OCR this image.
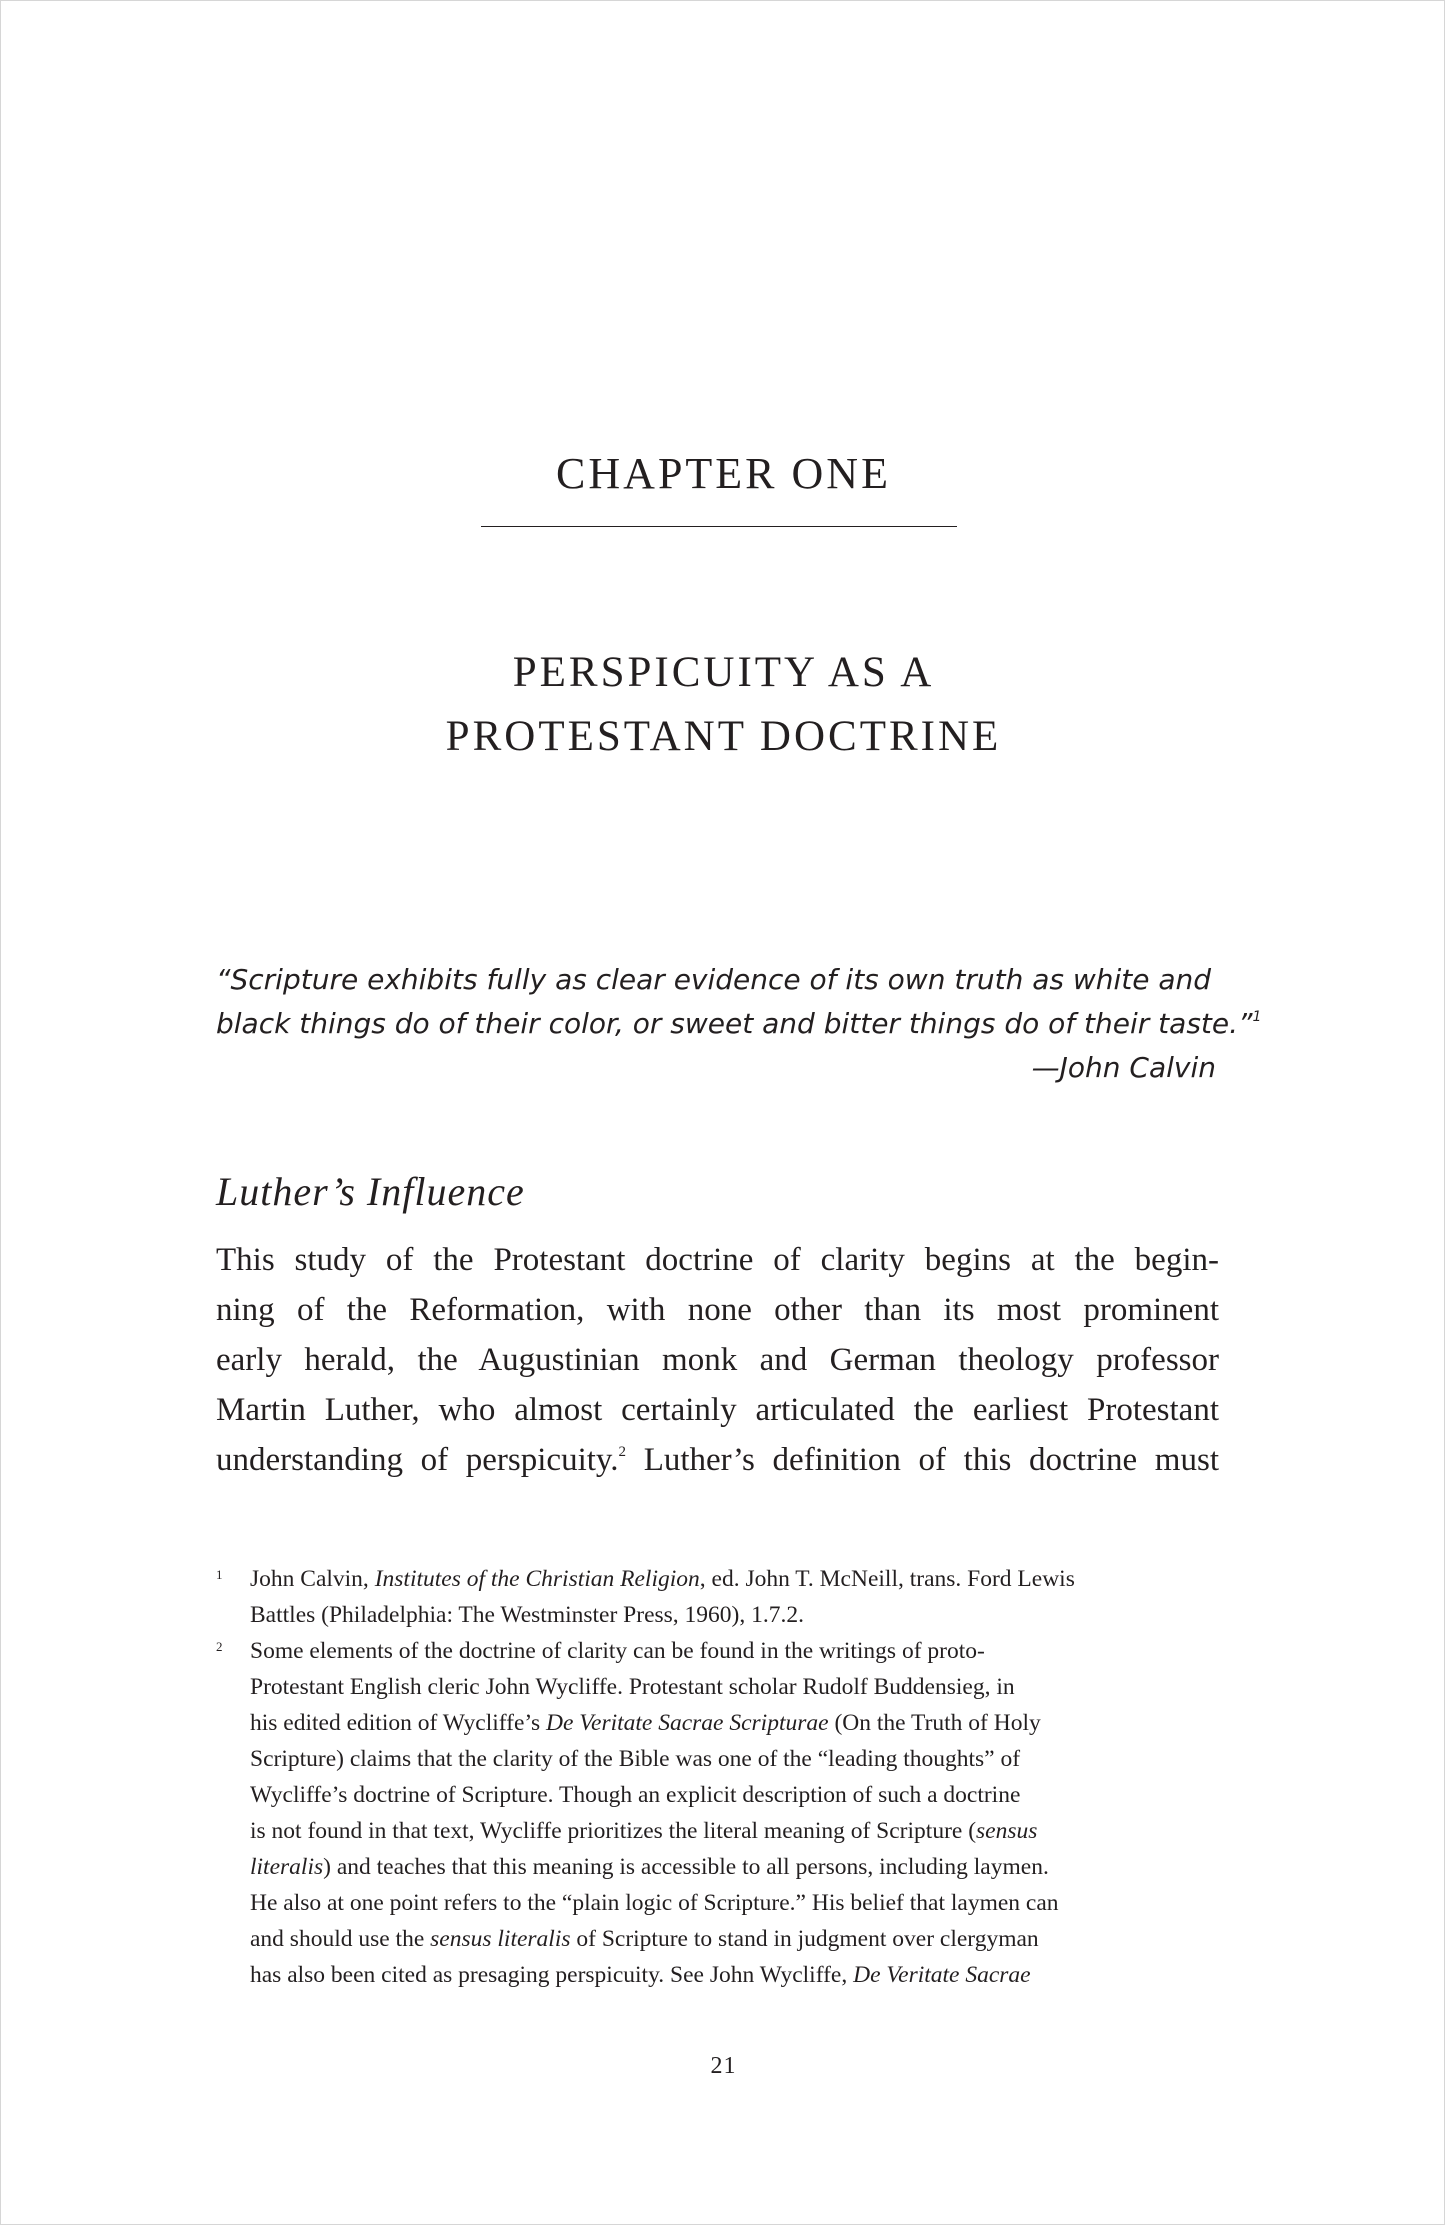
CHAPTER ONE
PERSPICUITY AS A
PROTESTANT DOCTRINE
“Scripture exhibits fully as clear evidence of its own truth as white and
black things do of their color, or sweet and bitter things do of their taste.”$^1$
—John Calvin
Luther’s Influence
This study of the Protestant doctrine of clarity begins at the begin-
ning of the Reformation, with none other than its most prominent
early herald, the Augustinian monk and German theology professor
Martin Luther, who almost certainly articulated the earliest Protestant
understanding of perspicuity.$^2$ Luther’s definition of this doctrine must
1 John Calvin, Institutes of the Christian Religion, ed. John T. McNeill, trans. Ford Lewis
Battles (Philadelphia: The Westminster Press, 1960), 1.7.2.
2 Some elements of the doctrine of clarity can be found in the writings of proto-
Protestant English cleric John Wycliffe. Protestant scholar Rudolf Buddensieg, in
his edited edition of Wycliffe’s De Veritate Sacrae Scripturae (On the Truth of Holy
Scripture) claims that the clarity of the Bible was one of the “leading thoughts” of
Wycliffe’s doctrine of Scripture. Though an explicit description of such a doctrine
is not found in that text, Wycliffe prioritizes the literal meaning of Scripture (sensus
literalis) and teaches that this meaning is accessible to all persons, including laymen.
He also at one point refers to the “plain logic of Scripture.” His belief that laymen can
and should use the sensus literalis of Scripture to stand in judgment over clergyman
has also been cited as presaging perspicuity. See John Wycliffe, De Veritate Sacrae
21
